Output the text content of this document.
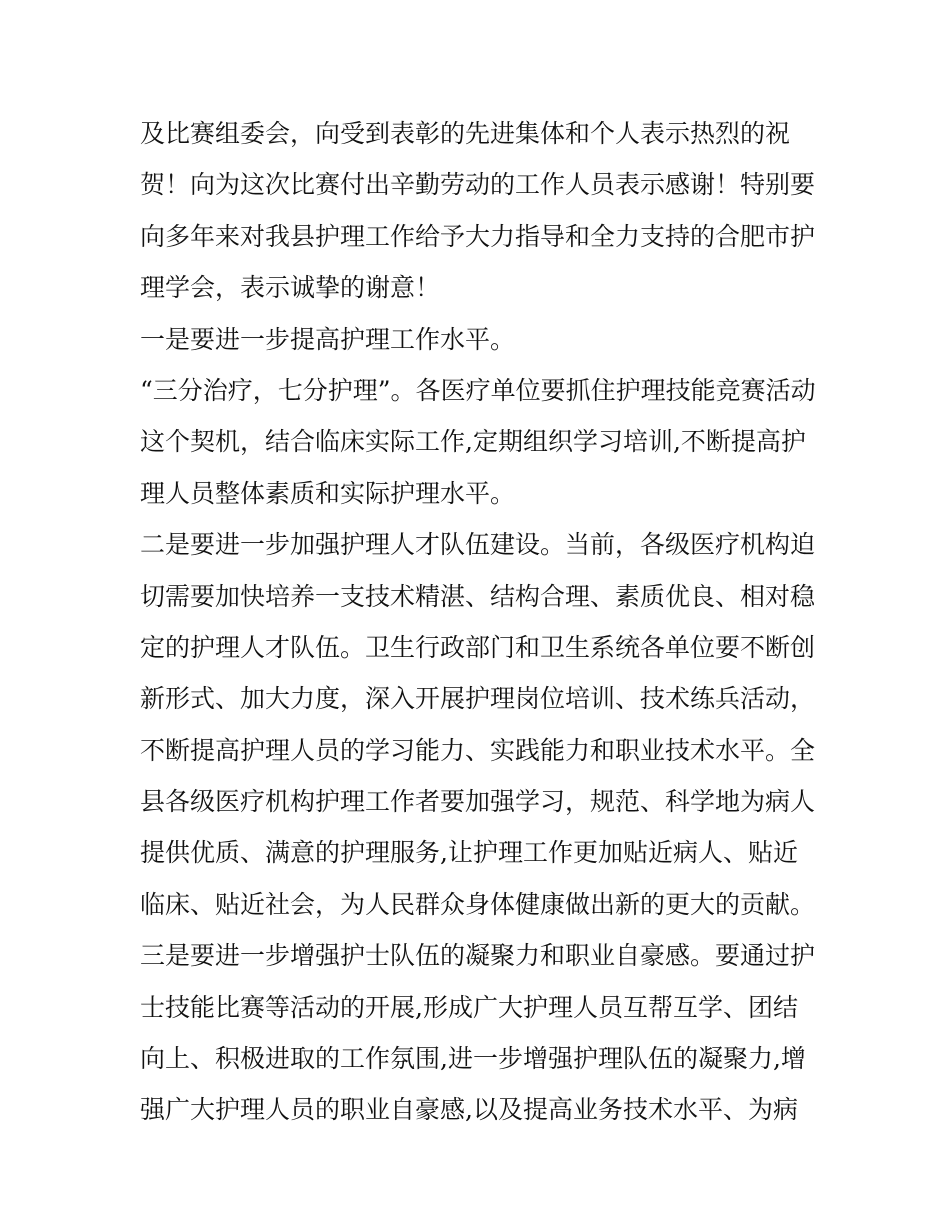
及比赛组委会，向受到表彰的先进集体和个人表示热烈的祝
贺！向为这次比赛付出辛勤劳动的工作人员表示感谢！特别要
向多年来对我县护理工作给予大力指导和全力支持的合肥市护
理学会，表示诚挚的谢意！
一是要进一步提高护理工作水平。
“三分治疗，七分护理”。各医疗单位要抓住护理技能竞赛活动
这个契机，结合临床实际工作,定期组织学习培训,不断提高护
理人员整体素质和实际护理水平。
二是要进一步加强护理人才队伍建设。当前，各级医疗机构迫
切需要加快培养一支技术精湛、结构合理、素质优良、相对稳
定的护理人才队伍。卫生行政部门和卫生系统各单位要不断创
新形式、加大力度，深入开展护理岗位培训、技术练兵活动，
不断提高护理人员的学习能力、实践能力和职业技术水平。全
县各级医疗机构护理工作者要加强学习，规范、科学地为病人
提供优质、满意的护理服务,让护理工作更加贴近病人、贴近
临床、贴近社会，为人民群众身体健康做出新的更大的贡献。
三是要进一步增强护士队伍的凝聚力和职业自豪感。要通过护
士技能比赛等活动的开展,形成广大护理人员互帮互学、团结
向上、积极进取的工作氛围,进一步增强护理队伍的凝聚力,增
强广大护理人员的职业自豪感,以及提高业务技术水平、为病
